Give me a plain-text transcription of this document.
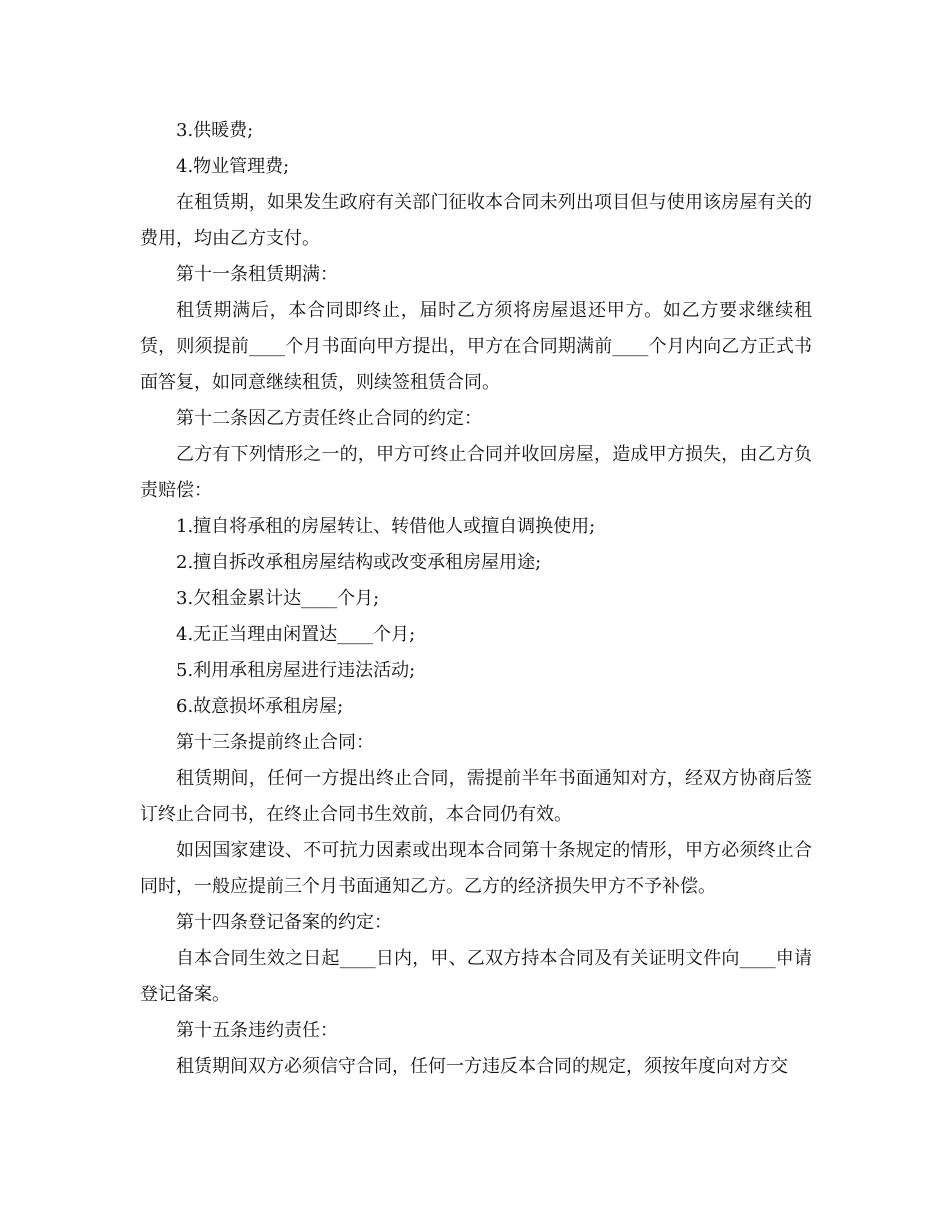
3.供暖费;

4.物业管理费;

在租赁期，如果发生政府有关部门征收本合同未列出项目但与使用该房屋有关的费用，均由乙方支付。

第十一条租赁期满：

租赁期满后，本合同即终止，届时乙方须将房屋退还甲方。如乙方要求继续租赁，则须提前____个月书面向甲方提出，甲方在合同期满前____个月内向乙方正式书面答复，如同意继续租赁，则续签租赁合同。

第十二条因乙方责任终止合同的约定：

乙方有下列情形之一的，甲方可终止合同并收回房屋，造成甲方损失，由乙方负责赔偿：

1.擅自将承租的房屋转让、转借他人或擅自调换使用;

2.擅自拆改承租房屋结构或改变承租房屋用途;

3.欠租金累计达____个月;

4.无正当理由闲置达____个月;

5.利用承租房屋进行违法活动;

6.故意损坏承租房屋;

第十三条提前终止合同：

租赁期间，任何一方提出终止合同，需提前半年书面通知对方，经双方协商后签订终止合同书，在终止合同书生效前，本合同仍有效。

如因国家建设、不可抗力因素或出现本合同第十条规定的情形，甲方必须终止合同时，一般应提前三个月书面通知乙方。乙方的经济损失甲方不予补偿。

第十四条登记备案的约定：

自本合同生效之日起____日内，甲、乙双方持本合同及有关证明文件向____申请登记备案。

第十五条违约责任：

租赁期间双方必须信守合同，任何一方违反本合同的规定，须按年度向对方交
